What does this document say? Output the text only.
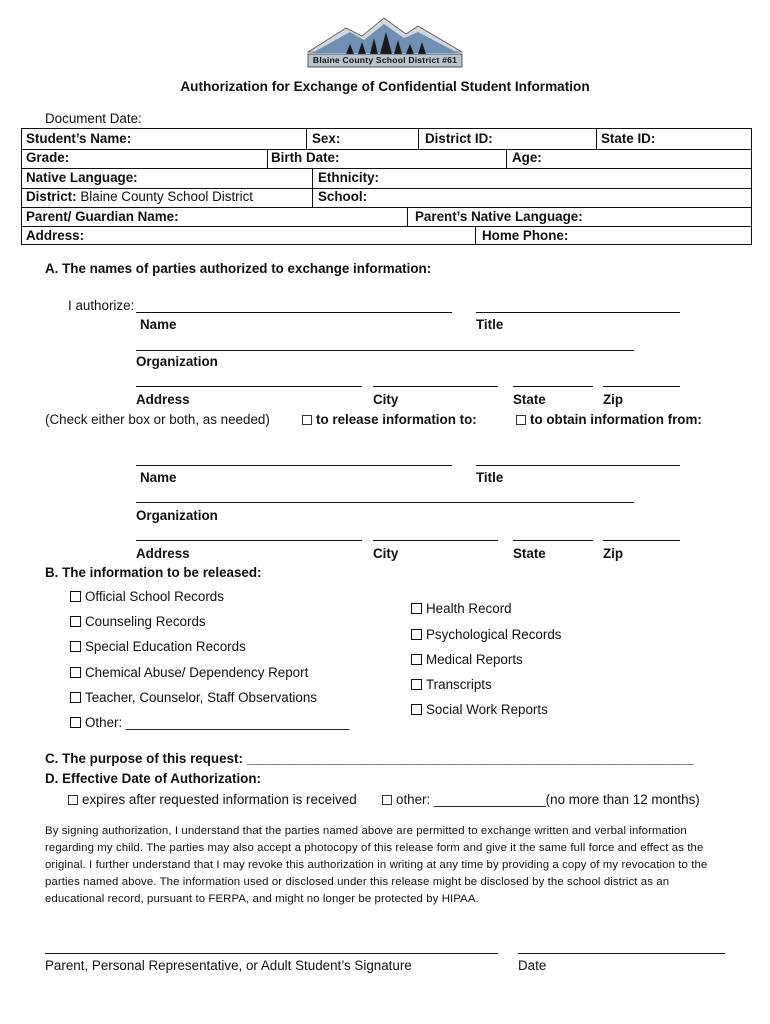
Blaine County School District #61
Authorization for Exchange of Confidential Student Information
Document Date:
Student’s Name:	Sex:	District ID:	State ID:
Grade:	Birth Date:	Age:
Native Language:	Ethnicity:
District: Blaine County School District	School:
Parent/ Guardian Name:	Parent’s Native Language:
Address:	Home Phone:
A. The names of parties authorized to exchange information:
I authorize:
Name	Title
Organization
Address	City	State	Zip
(Check either box or both, as needed)	to release information to:	to obtain information from:
Name	Title
Organization
Address	City	State	Zip
B. The information to be released:
Official School Records
Counseling Records
Special Education Records
Chemical Abuse/ Dependency Report
Teacher, Counselor, Staff Observations
Other: ______________________________
Health Record
Psychological Records
Medical Reports
Transcripts
Social Work Reports
C. The purpose of this request: ____________________________________________________________
D. Effective Date of Authorization:
expires after requested information is received	other: _______________(no more than 12 months)
By signing authorization, I understand that the parties named above are permitted to exchange written and verbal information regarding my child. The parties may also accept a photocopy of this release form and give it the same full force and effect as the original. I further understand that I may revoke this authorization in writing at any time by providing a copy of my revocation to the parties named above. The information used or disclosed under this release might be disclosed by the school district as an educational record, pursuant to FERPA, and might no longer be protected by HIPAA.
Parent, Personal Representative, or Adult Student’s Signature	Date
